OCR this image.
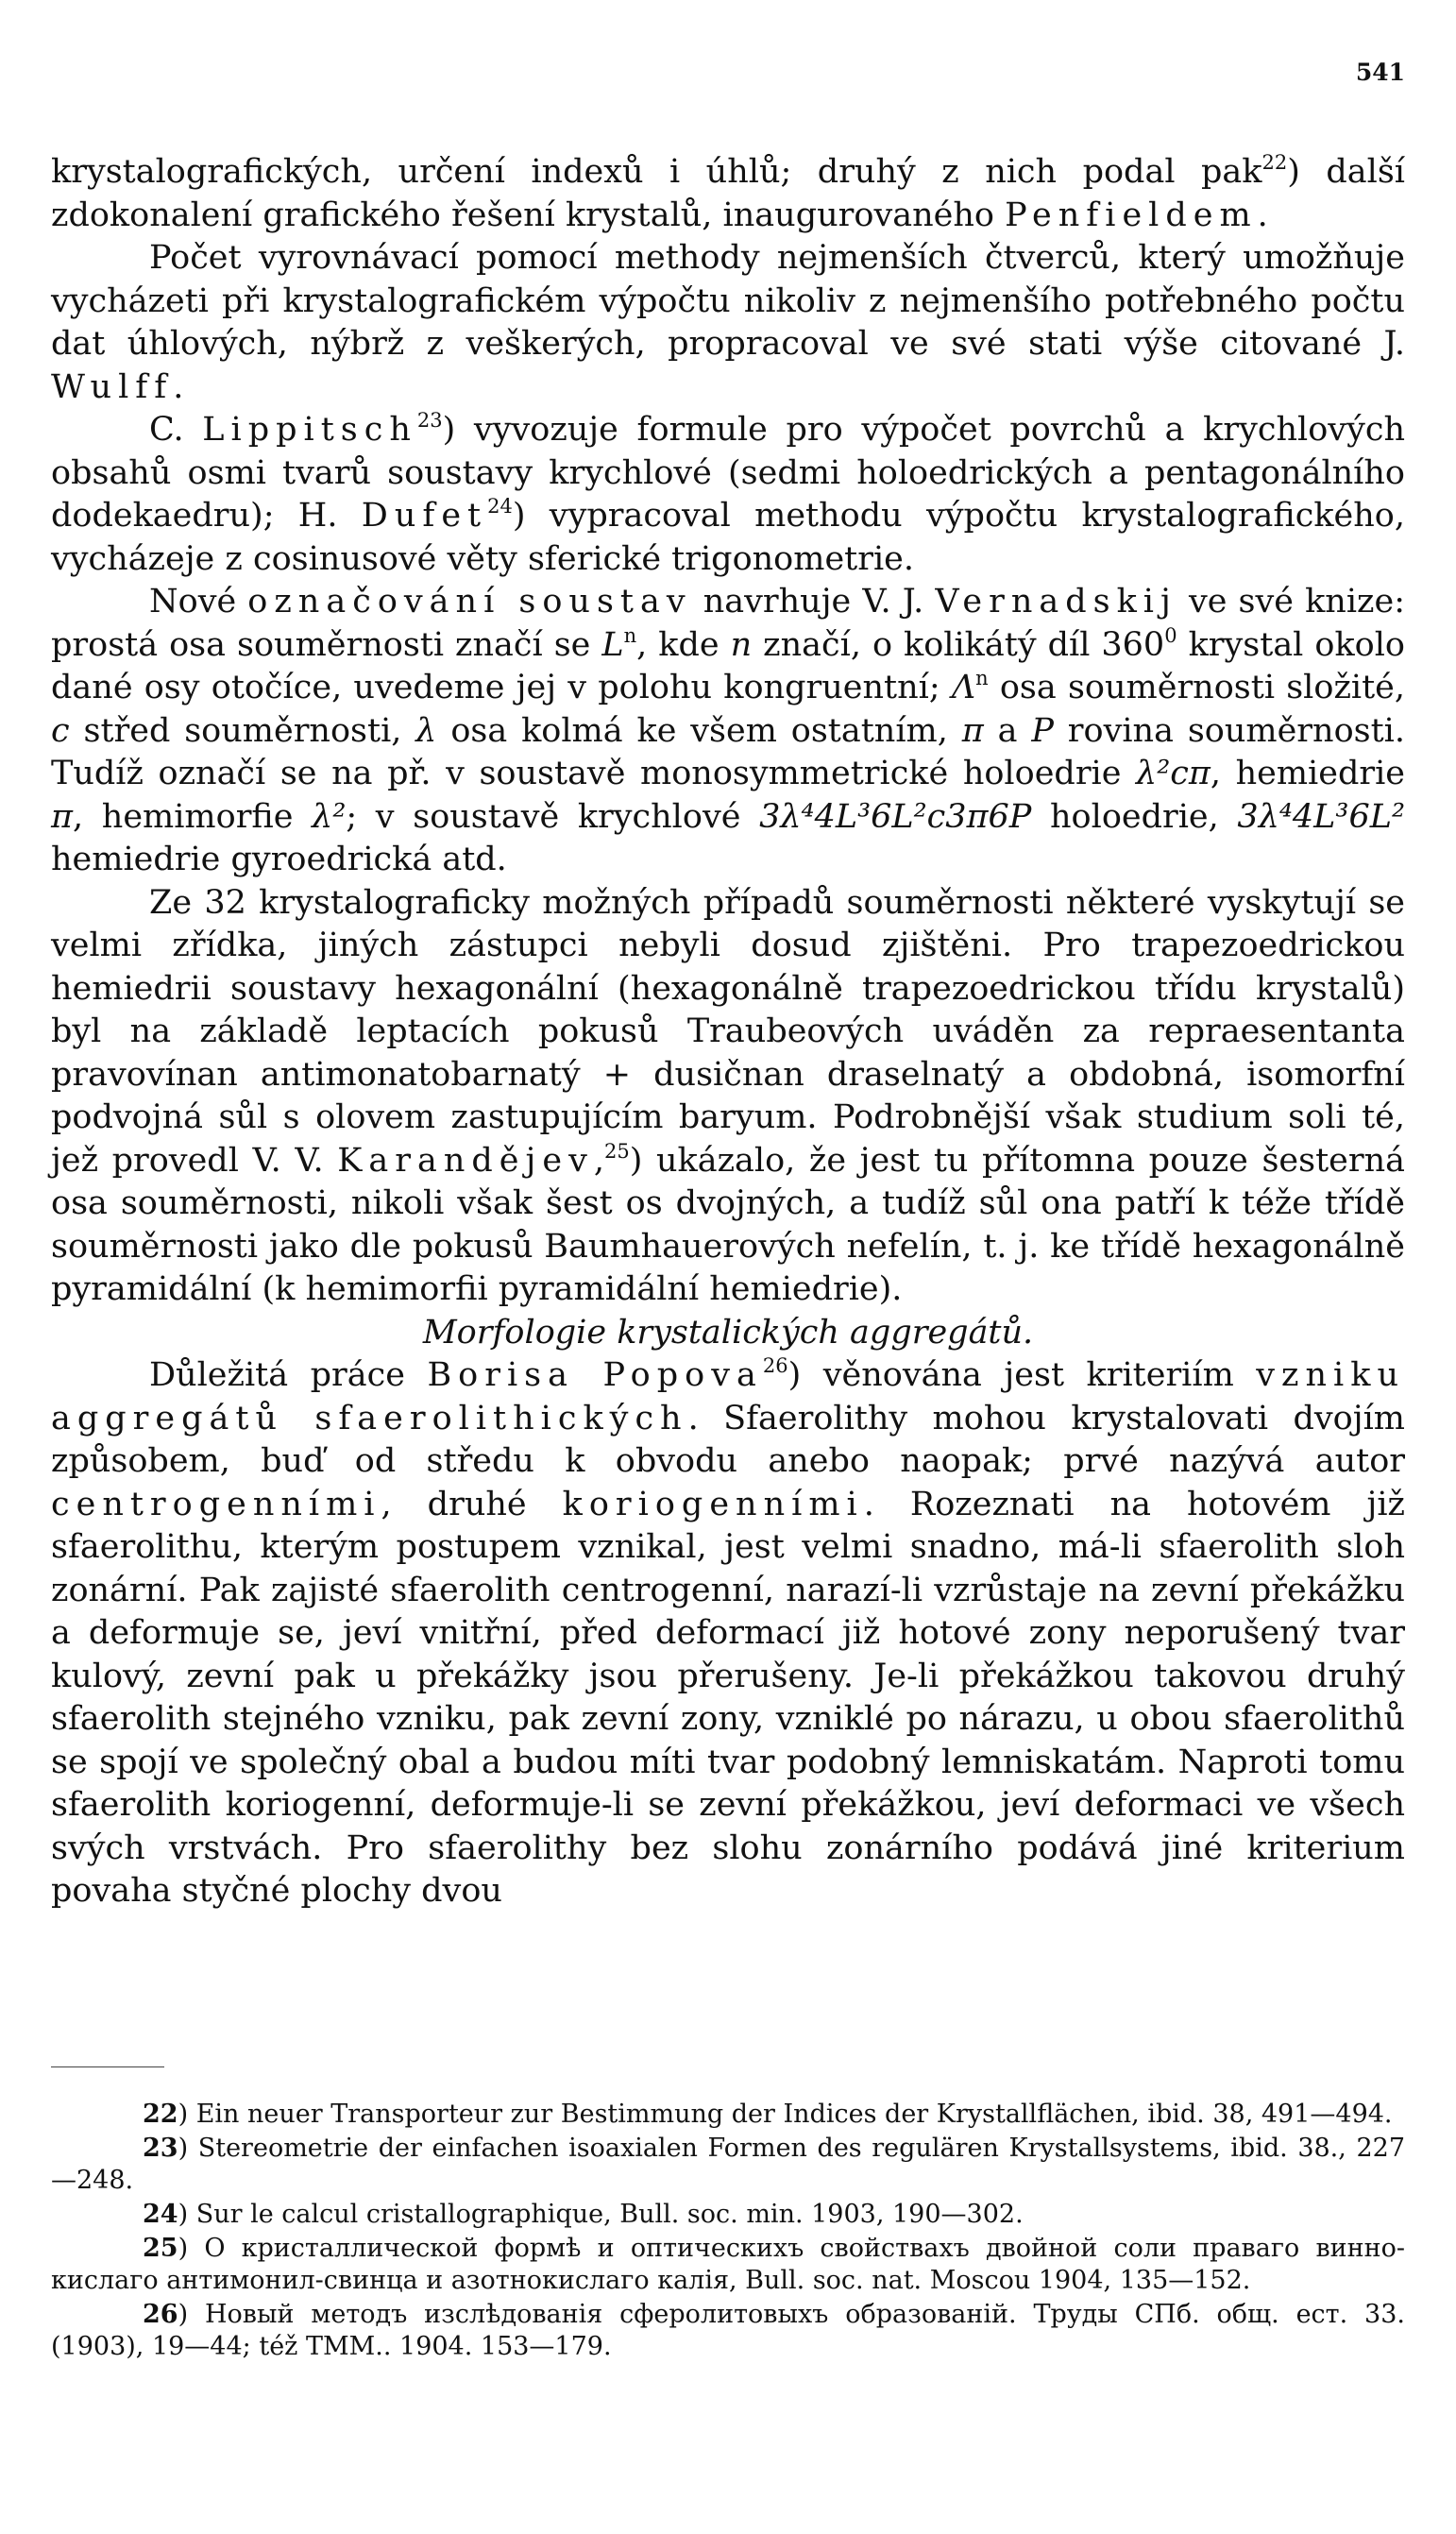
541

krystalografických, určení indexů i úhlů; druhý z nich podal pak$^{22}$) další zdokonalení grafického řešení krystalů, inaugurovaného Penfieldem.

Počet vyrovnávací pomocí methody nejmenších čtverců, který umožňuje vycházeti při krystalografickém výpočtu nikoliv z nejmenšího potřebného počtu dat úhlových, nýbrž z veškerých, propracoval ve své stati výše citované J. Wulff.

C. Lippitsch$^{23}$) vyvozuje formule pro výpočet povrchů a krychlových obsahů osmi tvarů soustavy krychlové (sedmi holoedrických a pentagonálního dodekaedru); H. Dufet$^{24}$) vypracoval methodu výpočtu krystalografického, vycházeje z cosinusové věty sferické trigonometrie.

Nové označování soustav navrhuje V. J. Vernadskij ve své knize: prostá osa souměrnosti značí se $L^n$, kde n značí, o kolikátý díl $360^0$ krystal okolo dané osy otočíce, uvedeme jej v polohu kongruentní; $\Lambda^n$ osa souměrnosti složité, c střed souměrnosti, λ osa kolmá ke všem ostatním, π a P rovina souměrnosti. Tudíž označí se na př. v soustavě monosymmetrické holoedrie λ²cπ, hemiedrie π, hemimorfie λ²; v soustavě krychlové 3λ⁴4L³6L²c3π6P holoedrie, 3λ⁴4L³6L² hemiedrie gyroedrická atd.

Ze 32 krystalograficky možných případů souměrnosti některé vyskytují se velmi zřídka, jiných zástupci nebyli dosud zjištěni. Pro trapezoedrickou hemiedrii soustavy hexagonální (hexagonálně trapezoedrickou třídu krystalů) byl na základě leptacích pokusů Traubeových uváděn za repraesentanta pravovínan antimonatobarnatý + dusičnan draselnatý a obdobná, isomorfní podvojná sůl s olovem zastupujícím baryum. Podrobnější však studium soli té, jež provedl V. V. Karandějev,$^{25}$) ukázalo, že jest tu přítomna pouze šesterná osa souměrnosti, nikoli však šest os dvojných, a tudíž sůl ona patří k téže třídě souměrnosti jako dle pokusů Baumhauerových nefelín, t. j. ke třídě hexagonálně pyramidální (k hemimorfii pyramidální hemiedrie).

Morfologie krystalických aggregátů.

Důležitá práce Borisa Popova$^{26}$) věnována jest kriteriím vzniku aggregátů sfaerolithických. Sfaerolithy mohou krystalovati dvojím způsobem, buď od středu k obvodu anebo naopak; prvé nazývá autor centrogenními, druhé koriogenními. Rozeznati na hotovém již sfaerolithu, kterým postupem vznikal, jest velmi snadno, má-li sfaerolith sloh zonární. Pak zajisté sfaerolith centrogenní, narazí-li vzrůstaje na zevní překážku a deformuje se, jeví vnitřní, před deformací již hotové zony neporušený tvar kulový, zevní pak u překážky jsou přerušeny. Je-li překážkou takovou druhý sfaerolith stejného vzniku, pak zevní zony, vzniklé po nárazu, u obou sfaerolithů se spojí ve společný obal a budou míti tvar podobný lemniskatám. Naproti tomu sfaerolith koriogenní, deformuje-li se zevní překážkou, jeví deformaci ve všech svých vrstvách. Pro sfaerolithy bez slohu zonárního podává jiné kriterium povaha styčné plochy dvou

22) Ein neuer Transporteur zur Bestimmung der Indices der Krystallflächen, ibid. 38, 491—494.

23) Stereometrie der einfachen isoaxialen Formen des regulären Krystallsystems, ibid. 38., 227—248.

24) Sur le calcul cristallographique, Bull. soc. min. 1903, 190—302.

25) О кристаллической формѣ и оптическихъ свойствахъ двойной соли праваго винно-кислаго антимонил-свинца и азотнокислаго калія, Bull. soc. nat. Moscou 1904, 135—152.

26) Новый методъ изслѣдованія сферолитовыхъ образованій. Труды СПб. общ. ест. 33. (1903), 19—44; též TMM.. 1904. 153—179.
